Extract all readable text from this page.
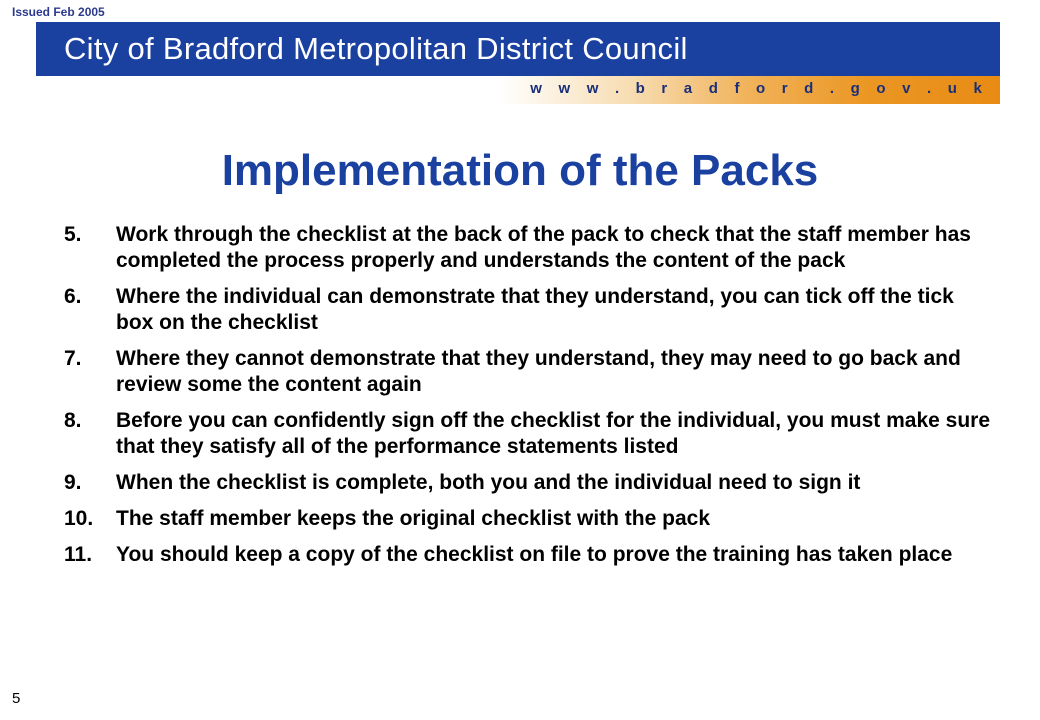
Issued Feb 2005
City of Bradford Metropolitan District Council
w w w . b r a d f o r d . g o v . u k
Implementation of the Packs
5.	Work through the checklist at the back of the pack to check that the staff member has completed the process properly and understands the content of the pack
6.	Where the individual can demonstrate that they understand, you can tick off the tick box on the checklist
7.	Where they cannot demonstrate that they understand, they may need to go back and review some the content again
8.	Before you can confidently sign off the checklist for the individual, you must make sure that they satisfy all of the performance statements listed
9.	When the checklist is complete, both you and the individual need to sign it
10.	The staff member keeps the original checklist with the pack
11.	You should keep a copy of the checklist on file to prove the training has taken place
5
